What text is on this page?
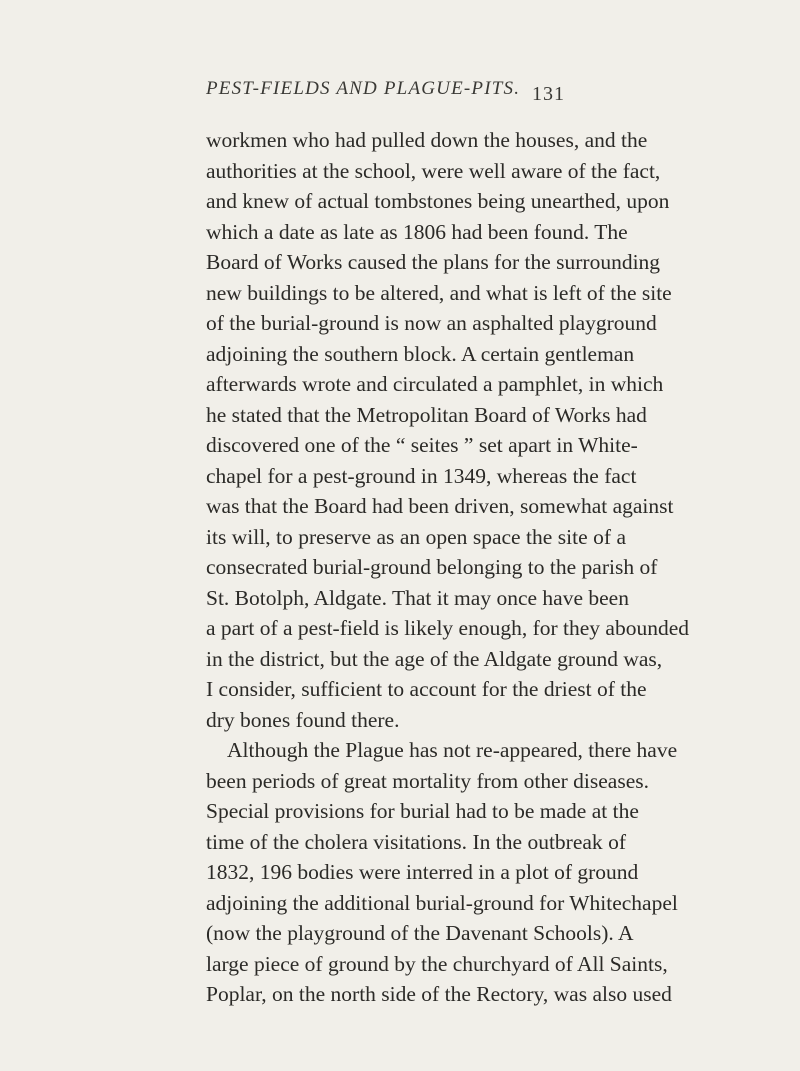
PEST-FIELDS AND PLAGUE-PITS. 131
workmen who had pulled down the houses, and the
authorities at the school, were well aware of the fact,
and knew of actual tombstones being unearthed, upon
which a date as late as 1806 had been found. The
Board of Works caused the plans for the surrounding
new buildings to be altered, and what is left of the site
of the burial-ground is now an asphalted playground
adjoining the southern block. A certain gentleman
afterwards wrote and circulated a pamphlet, in which
he stated that the Metropolitan Board of Works had
discovered one of the “ seites ” set apart in White-
chapel for a pest-ground in 1349, whereas the fact
was that the Board had been driven, somewhat against
its will, to preserve as an open space the site of a
consecrated burial-ground belonging to the parish of
St. Botolph, Aldgate. That it may once have been
a part of a pest-field is likely enough, for they abounded
in the district, but the age of the Aldgate ground was,
I consider, sufficient to account for the driest of the
dry bones found there.
Although the Plague has not re-appeared, there have
been periods of great mortality from other diseases.
Special provisions for burial had to be made at the
time of the cholera visitations. In the outbreak of
1832, 196 bodies were interred in a plot of ground
adjoining the additional burial-ground for Whitechapel
(now the playground of the Davenant Schools). A
large piece of ground by the churchyard of All Saints,
Poplar, on the north side of the Rectory, was also used
